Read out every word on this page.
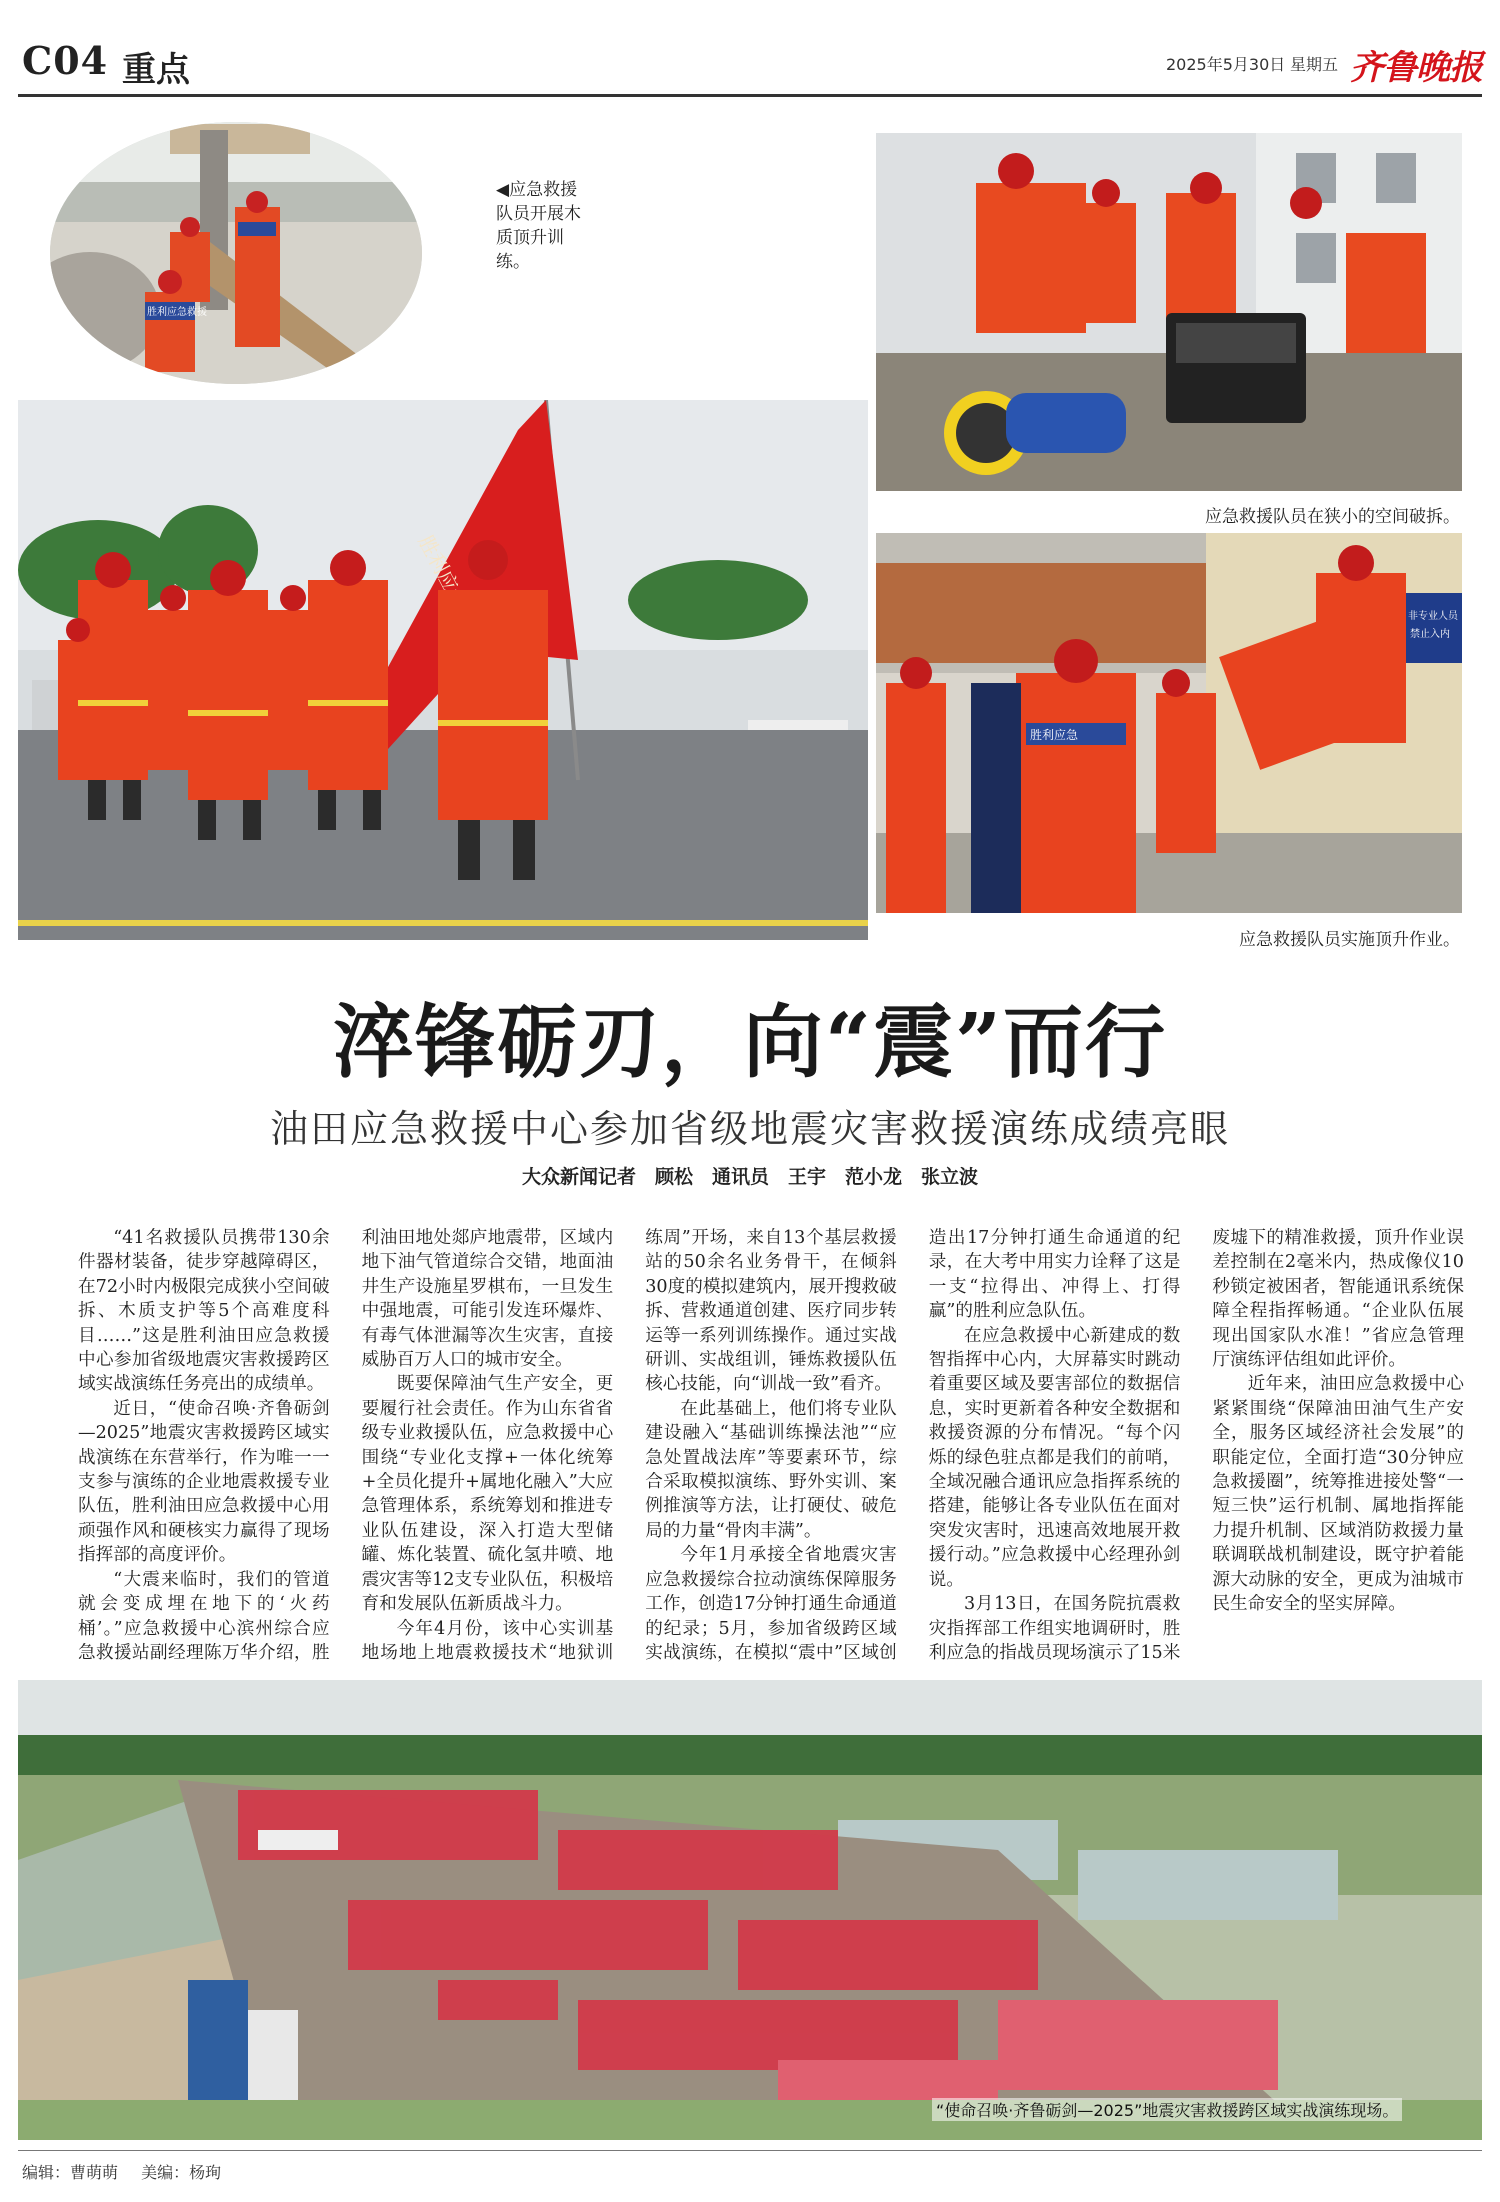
C04 重点	2025年5月30日 星期五 齐鲁晚报
胜利应急救援
◀应急救援队员开展木质顶升训练。
胜利应急
应急救援队员在狭小的空间破拆。
非专业人员
禁止入内
胜利应急
应急救援队员实施顶升作业。
淬锋砺刃，向“震”而行
油田应急救援中心参加省级地震灾害救援演练成绩亮眼
大众新闻记者　顾松　通讯员　王宇　范小龙　张立波

“41名救援队员携带130余件器材装备，徒步穿越障碍区，在72小时内极限完成狭小空间破拆、木质支护等5个高难度科目……”这是胜利油田应急救援中心参加省级地震灾害救援跨区域实战演练任务亮出的成绩单。

近日，“使命召唤·齐鲁砺剑—2025”地震灾害救援跨区域实战演练在东营举行，作为唯一一支参与演练的企业地震救援专业队伍，胜利油田应急救援中心用顽强作风和硬核实力赢得了现场指挥部的高度评价。

“大震来临时，我们的管道就会变成埋在地下的‘火药桶’。”应急救援中心滨州综合应急救援站副经理陈万华介绍，胜利油田地处郯庐地震带，区域内地下油气管道综合交错，地面油井生产设施星罗棋布，一旦发生中强地震，可能引发连环爆炸、有毒气体泄漏等次生灾害，直接威胁百万人口的城市安全。

既要保障油气生产安全，更要履行社会责任。作为山东省省级专业救援队伍，应急救援中心围绕“专业化支撑+一体化统筹+全员化提升+属地化融入”大应急管理体系，系统筹划和推进专业队伍建设，深入打造大型储罐、炼化装置、硫化氢井喷、地震灾害等12支专业队伍，积极培育和发展队伍新质战斗力。

今年4月份，该中心实训基地场地上地震救援技术“地狱训练周”开场，来自13个基层救援站的50余名业务骨干，在倾斜30度的模拟建筑内，展开搜救破拆、营救通道创建、医疗同步转运等一系列训练操作。通过实战研训、实战组训，锤炼救援队伍核心技能，向“训战一致”看齐。

在此基础上，他们将专业队建设融入“基础训练操法池”“应急处置战法库”等要素环节，综合采取模拟演练、野外实训、案例推演等方法，让打硬仗、破危局的力量“骨肉丰满”。

今年1月承接全省地震灾害应急救援综合拉动演练保障服务工作，创造17分钟打通生命通道的纪录；5月，参加省级跨区域实战演练，在模拟“震中”区域创造出17分钟打通生命通道的纪录，在大考中用实力诠释了这是一支“拉得出、冲得上、打得赢”的胜利应急队伍。

在应急救援中心新建成的数智指挥中心内，大屏幕实时跳动着重要区域及要害部位的数据信息，实时更新着各种安全数据和救援资源的分布情况。“每个闪烁的绿色驻点都是我们的前哨，全域况融合通讯应急指挥系统的搭建，能够让各专业队伍在面对突发灾害时，迅速高效地展开救援行动。”应急救援中心经理孙剑说。

3月13日，在国务院抗震救灾指挥部工作组实地调研时，胜利应急的指战员现场演示了15米废墟下的精准救援，顶升作业误差控制在2毫米内，热成像仪10秒锁定被困者，智能通讯系统保障全程指挥畅通。“企业队伍展现出国家队水准！”省应急管理厅演练评估组如此评价。

近年来，油田应急救援中心紧紧围绕“保障油田油气生产安全，服务区域经济社会发展”的职能定位，全面打造“30分钟应急救援圈”，统筹推进接处警“一短三快”运行机制、属地指挥能力提升机制、区域消防救援力量联调联战机制建设，既守护着能源大动脉的安全，更成为油城市民生命安全的坚实屏障。

“使命召唤·齐鲁砺剑—2025”地震灾害救援跨区域实战演练现场。
编辑：曹萌萌 美编：杨珣
